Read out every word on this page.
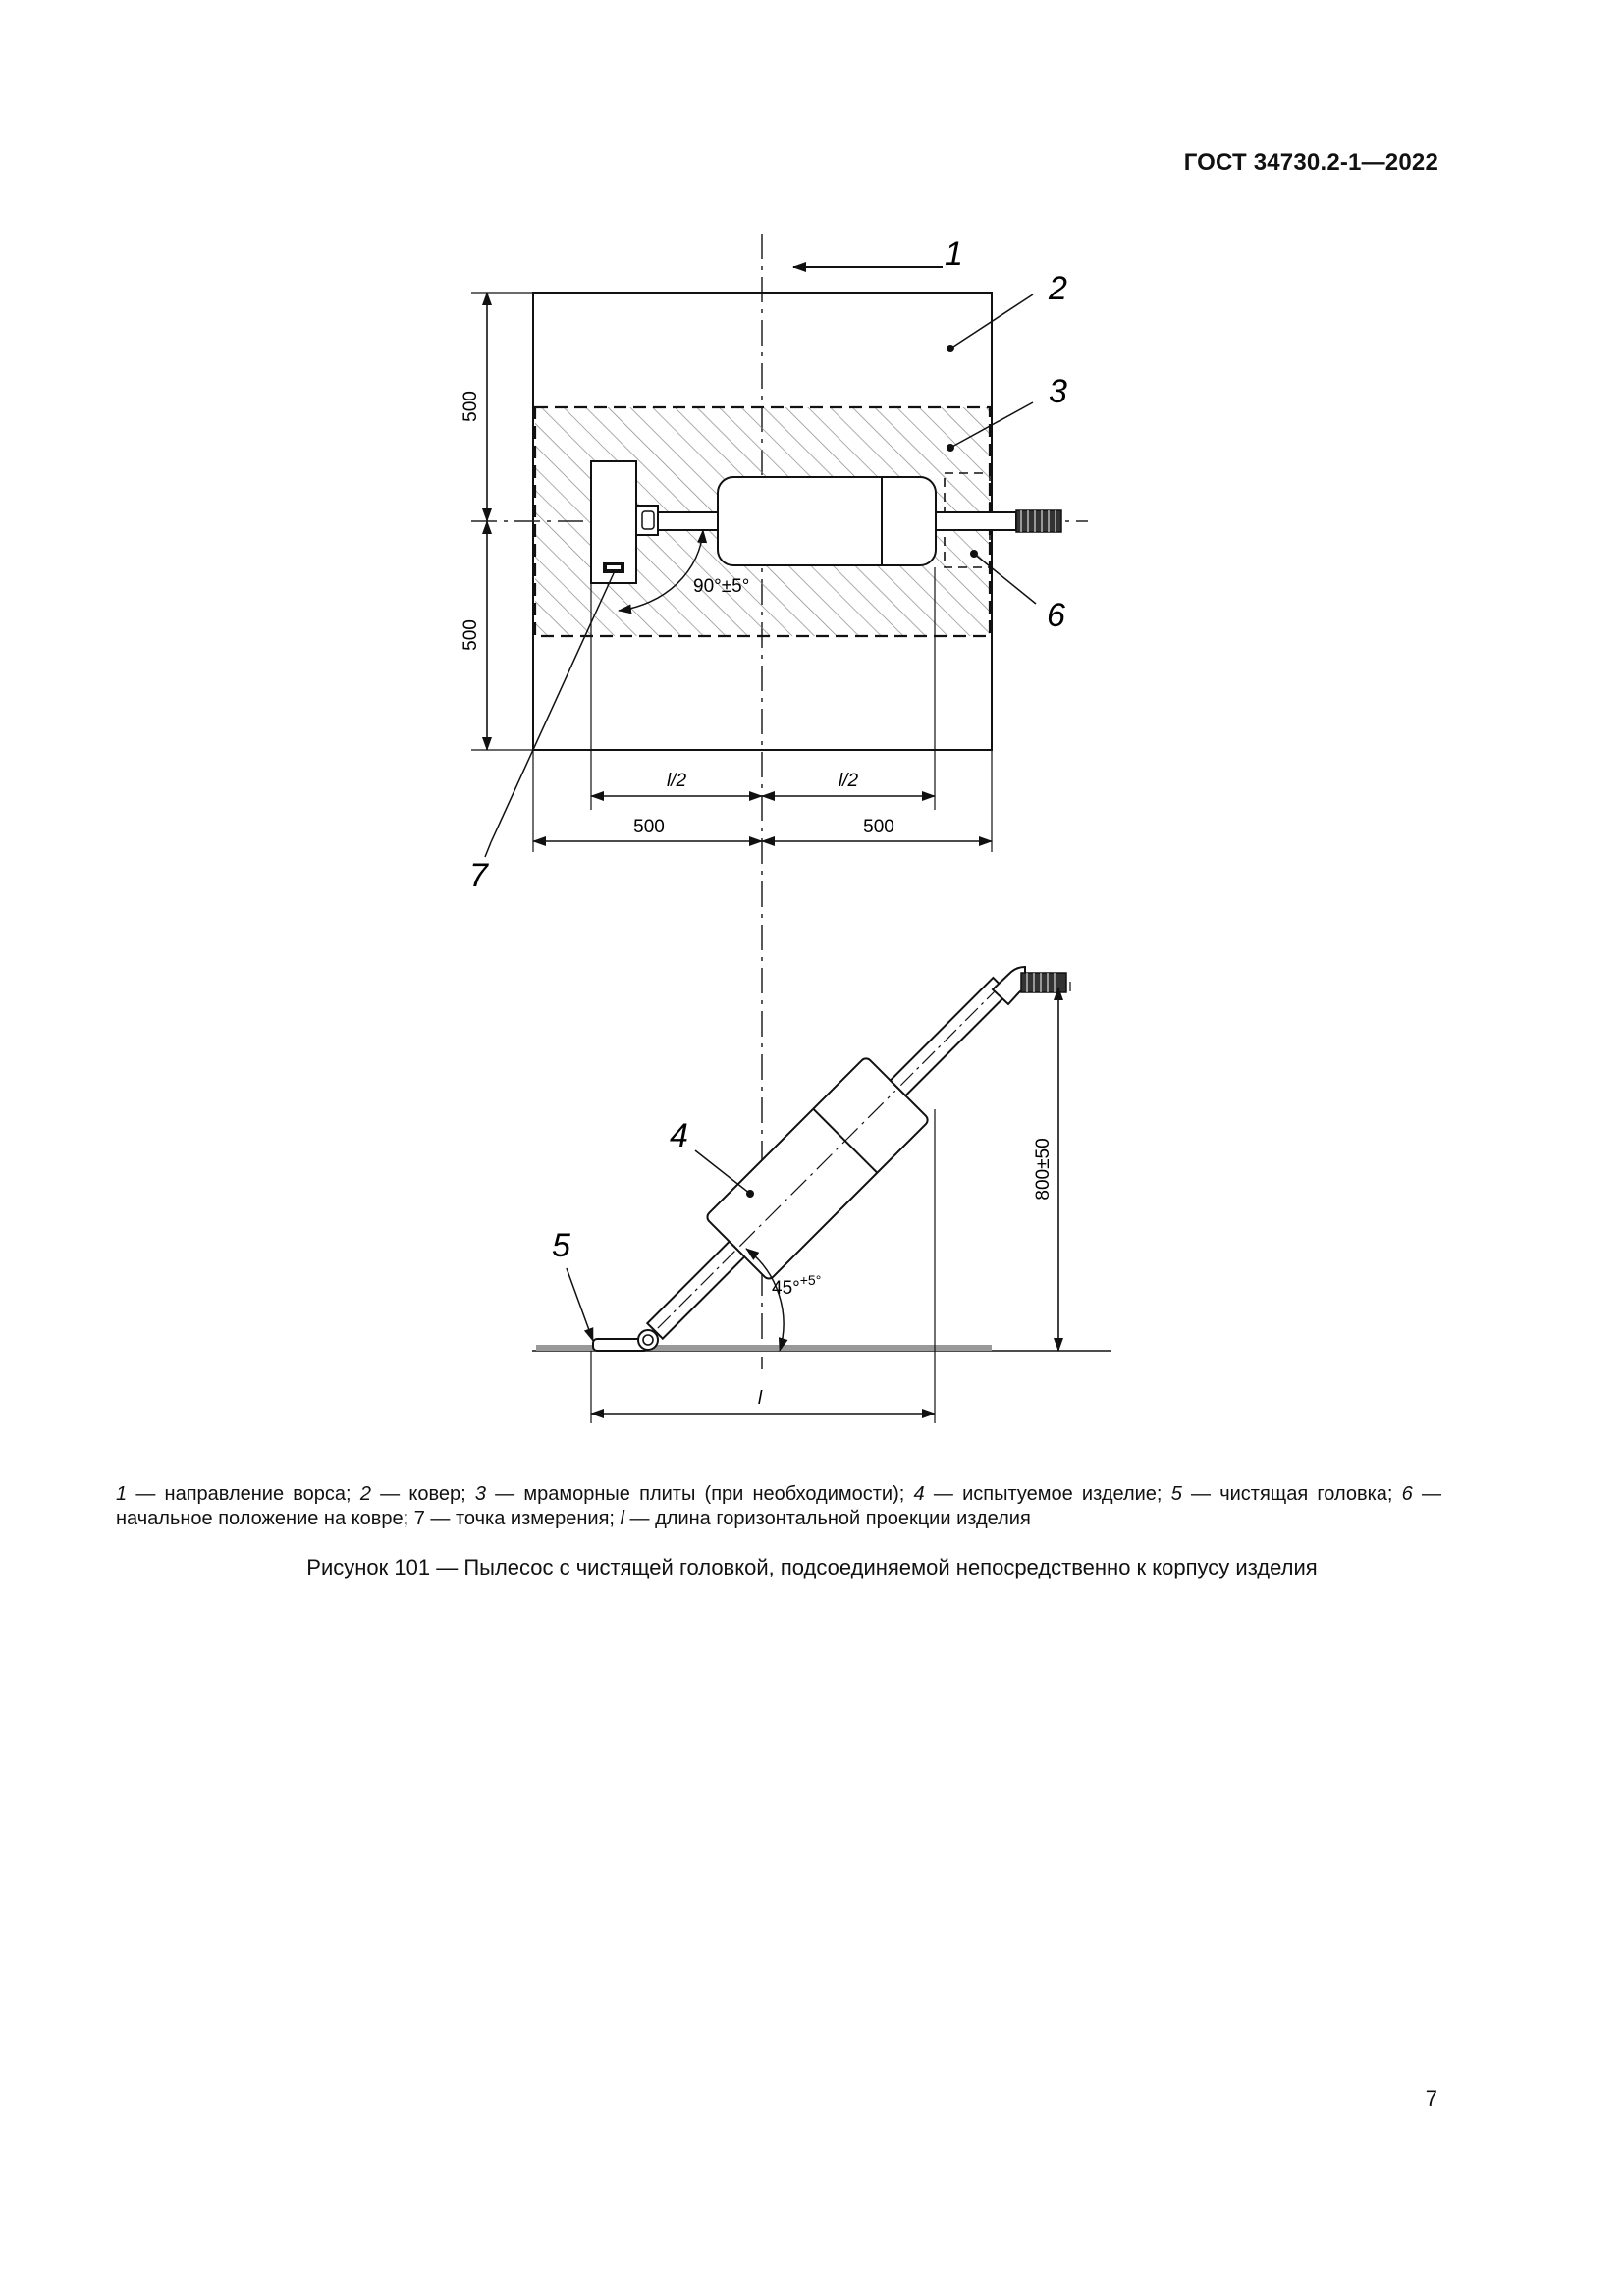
ГОСТ 34730.2-1—2022
90°±5°
500
500
l/2	l/2
500	500
1
2
3
6
7
800±50
45°$^{+5^\circ}$
l
4
5
1 — направление ворса; 2 — ковер; 3 — мраморные плиты (при необходимости); 4 — испытуемое изделие; 5 — чистящая головка; 6 — начальное положение на ковре; 7 — точка измерения; l — длина горизонтальной проекции изделия
Рисунок 101 — Пылесос с чистящей головкой, подсоединяемой непосредственно к корпусу изделия
7
